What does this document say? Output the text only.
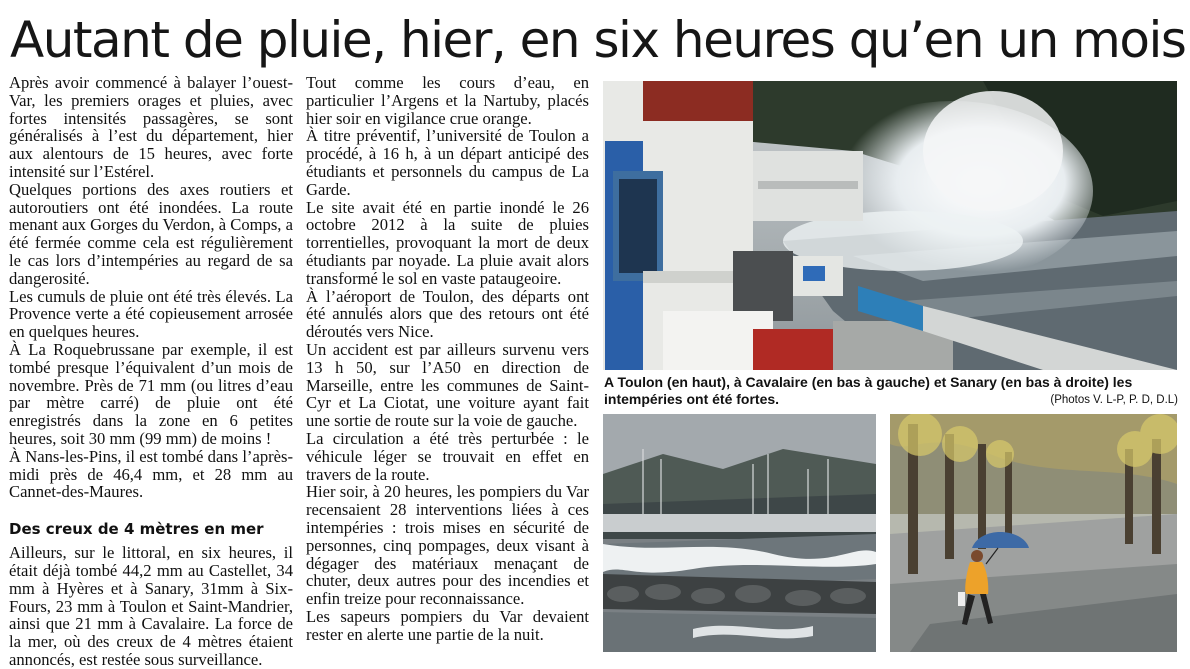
Autant de pluie, hier, en six heures qu’en un mois

Après avoir commencé à balayer l’ouest-Var, les premiers orages et pluies, avec fortes intensités passagères, se sont généralisés à l’est du département, hier aux alentours de 15 heures, avec forte intensité sur l’Estérel.

Quelques portions des axes routiers et autoroutiers ont été inondées. La route menant aux Gorges du Verdon, à Comps, a été fermée comme cela est régulièrement le cas lors d’intempéries au regard de sa dangerosité.

Les cumuls de pluie ont été très élevés. La Provence verte a été copieusement arrosée en quelques heures.

À La Roquebrussane par exemple, il est tombé presque l’équivalent d’un mois de novembre. Près de 71 mm (ou litres d’eau par mètre carré) de pluie ont été enregistrés dans la zone en 6 petites heures, soit 30 mm (99 mm) de moins !

À Nans-les-Pins, il est tombé dans l’après-midi près de 46,4 mm, et 28 mm au Cannet-des-Maures.

Des creux de 4 mètres en mer

Ailleurs, sur le littoral, en six heures, il était déjà tombé 44,2 mm au Castellet, 34 mm à Hyères et à Sanary, 31mm à Six-Fours, 23 mm à Toulon et Saint-Mandrier, ainsi que 21 mm à Cavalaire. La force de la mer, où des creux de 4 mètres étaient annoncés, est restée sous surveillance.

Tout comme les cours d’eau, en particulier l’Argens et la Nartuby, placés hier soir en vigilance crue orange.

À titre préventif, l’université de Toulon a procédé, à 16 h, à un départ anticipé des étudiants et personnels du campus de La Garde.

Le site avait été en partie inondé le 26 octobre 2012 à la suite de pluies torrentielles, provoquant la mort de deux étudiants par noyade. La pluie avait alors transformé le sol en vaste pataugeoire.

À l’aéroport de Toulon, des départs ont été annulés alors que des retours ont été déroutés vers Nice.

Un accident est par ailleurs survenu vers 13 h 50, sur l’A50 en direction de Marseille, entre les communes de Saint-Cyr et La Ciotat, une voiture ayant fait une sortie de route sur la voie de gauche.

La circulation a été très perturbée : le véhicule léger se trouvait en effet en travers de la route.

Hier soir, à 20 heures, les pompiers du Var recensaient 28 interventions liées à ces intempéries : trois mises en sécurité de personnes, cinq pompages, deux visant à dégager des matériaux menaçant de chuter, deux autres pour des incendies et enfin treize pour reconnaissance.

Les sapeurs pompiers du Var devaient rester en alerte une partie de la nuit.

A Toulon (en haut), à Cavalaire (en bas à gauche) et Sanary (en bas à droite) les intempéries ont été fortes.	(Photos V. L-P, P. D, D.L)
